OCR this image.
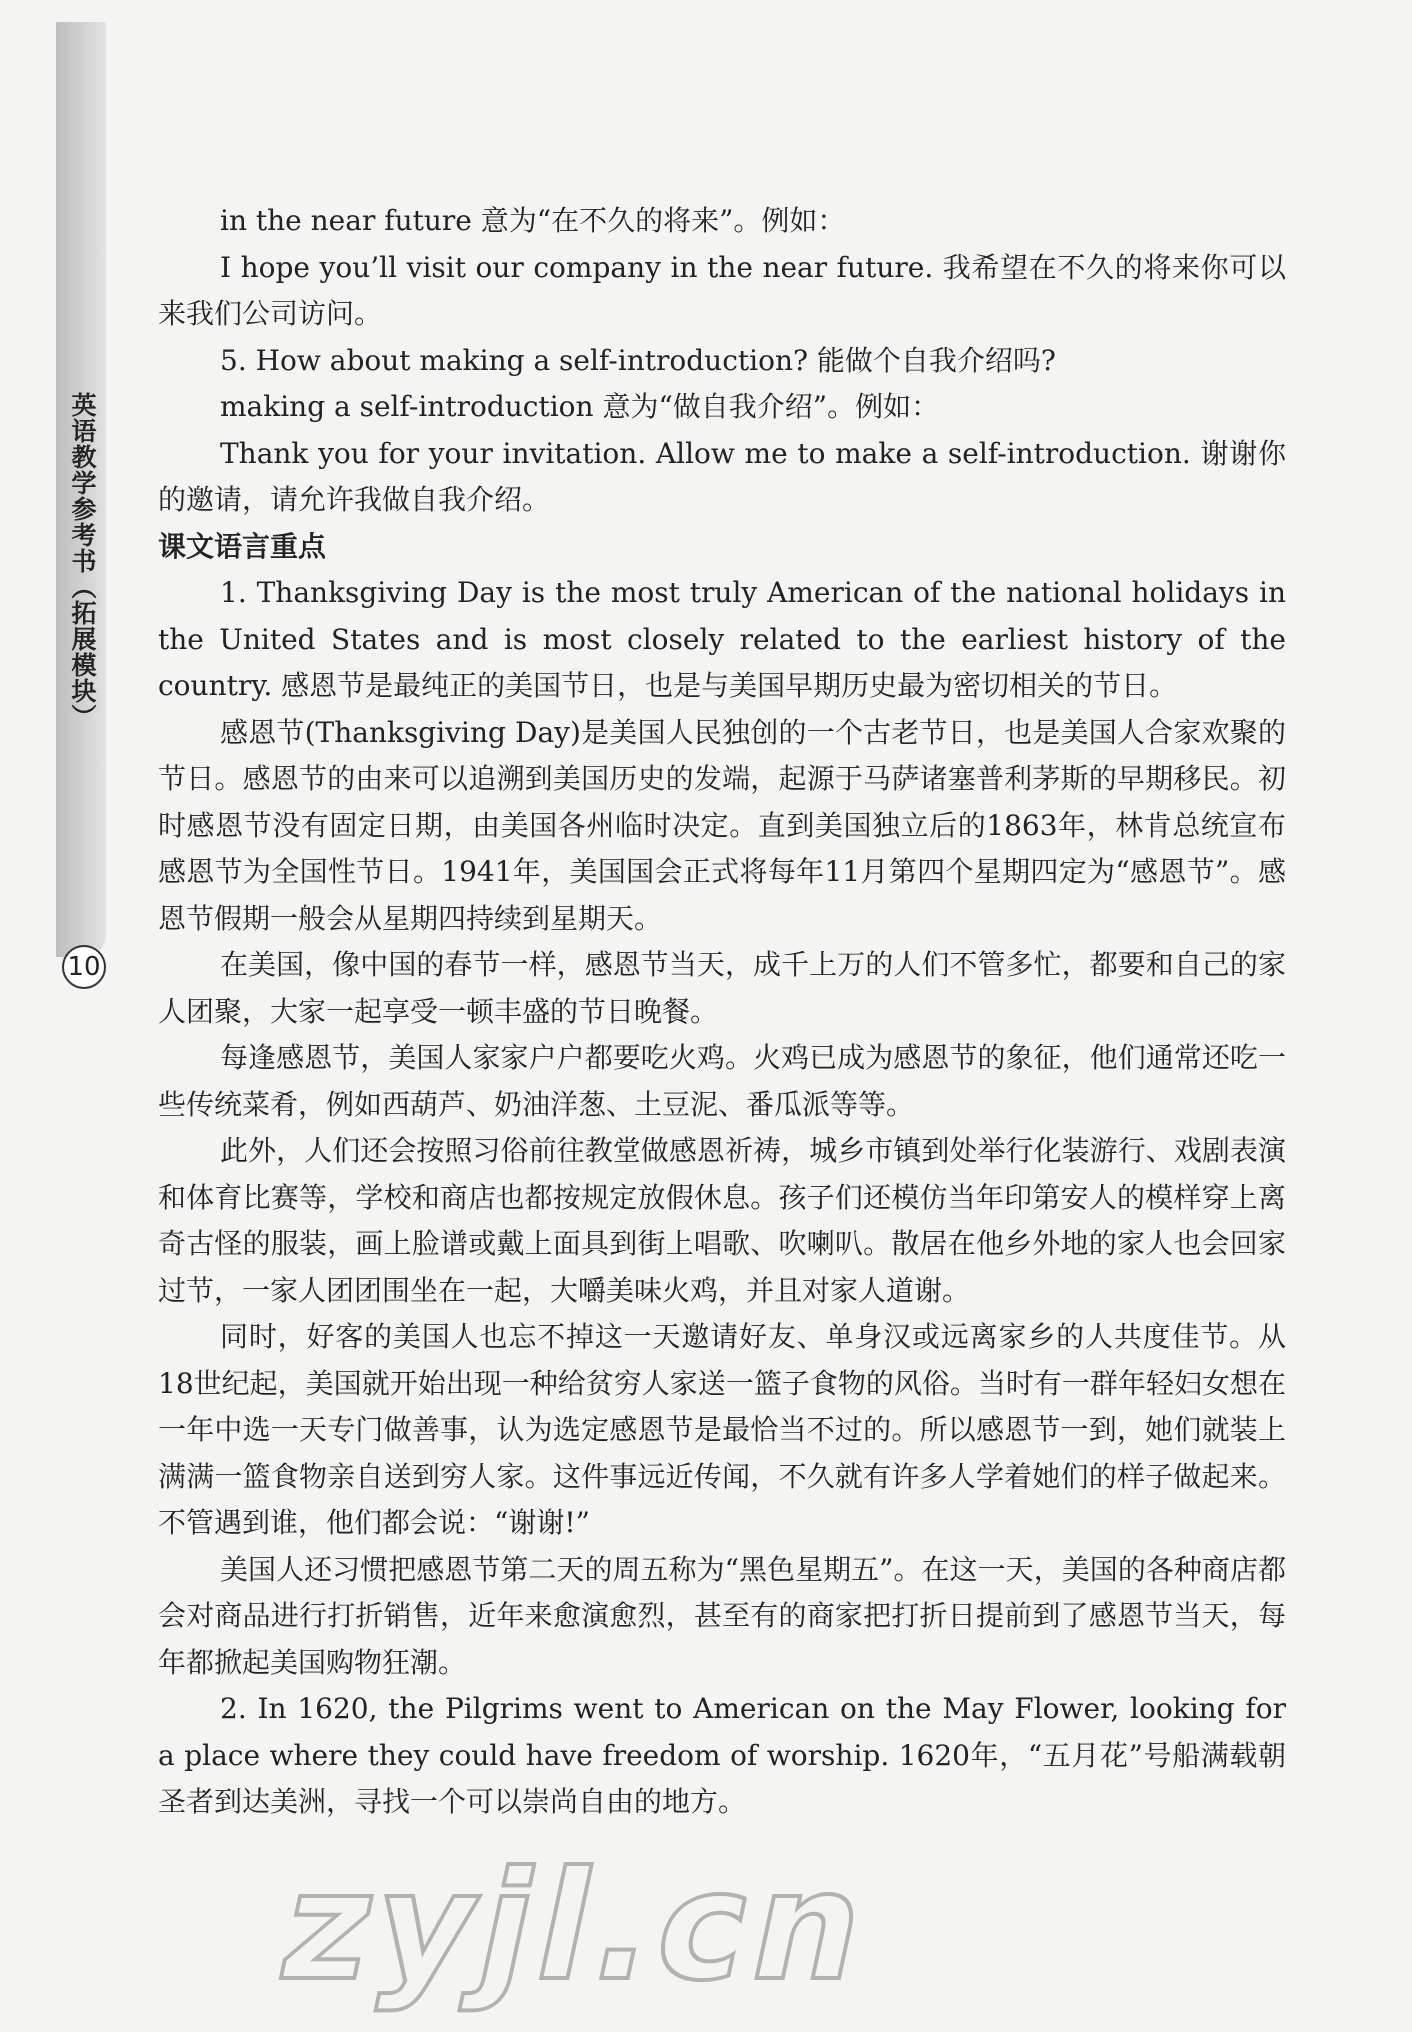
英语教学参考书（拓展模块）
10

in the near future 意为“在不久的将来”。例如：

I hope you’ll visit our company in the near future. 我希望在不久的将来你可以来我们公司访问。

5. How about making a self-introduction? 能做个自我介绍吗?

making a self-introduction 意为“做自我介绍”。例如：

Thank you for your invitation. Allow me to make a self-introduction. 谢谢你的邀请，请允许我做自我介绍。

课文语言重点

1. Thanksgiving Day is the most truly American of the national holidays in the United States and is most closely related to the earliest history of the country. 感恩节是最纯正的美国节日，也是与美国早期历史最为密切相关的节日。

感恩节(Thanksgiving Day)是美国人民独创的一个古老节日，也是美国人合家欢聚的节日。感恩节的由来可以追溯到美国历史的发端，起源于马萨诸塞普利茅斯的早期移民。初时感恩节没有固定日期，由美国各州临时决定。直到美国独立后的1863年，林肯总统宣布感恩节为全国性节日。1941年，美国国会正式将每年11月第四个星期四定为“感恩节”。感恩节假期一般会从星期四持续到星期天。

在美国，像中国的春节一样，感恩节当天，成千上万的人们不管多忙，都要和自己的家人团聚，大家一起享受一顿丰盛的节日晚餐。

每逢感恩节，美国人家家户户都要吃火鸡。火鸡已成为感恩节的象征，他们通常还吃一些传统菜肴，例如西葫芦、奶油洋葱、土豆泥、番瓜派等等。

此外，人们还会按照习俗前往教堂做感恩祈祷，城乡市镇到处举行化装游行、戏剧表演和体育比赛等，学校和商店也都按规定放假休息。孩子们还模仿当年印第安人的模样穿上离奇古怪的服装，画上脸谱或戴上面具到街上唱歌、吹喇叭。散居在他乡外地的家人也会回家过节，一家人团团围坐在一起，大嚼美味火鸡，并且对家人道谢。

同时，好客的美国人也忘不掉这一天邀请好友、单身汉或远离家乡的人共度佳节。从18世纪起，美国就开始出现一种给贫穷人家送一篮子食物的风俗。当时有一群年轻妇女想在一年中选一天专门做善事，认为选定感恩节是最恰当不过的。所以感恩节一到，她们就装上满满一篮食物亲自送到穷人家。这件事远近传闻，不久就有许多人学着她们的样子做起来。不管遇到谁，他们都会说：“谢谢!”

美国人还习惯把感恩节第二天的周五称为“黑色星期五”。在这一天，美国的各种商店都会对商品进行打折销售，近年来愈演愈烈，甚至有的商家把打折日提前到了感恩节当天，每年都掀起美国购物狂潮。

2. In 1620, the Pilgrims went to American on the May Flower, looking for a place where they could have freedom of worship. 1620年，“五月花”号船满载朝圣者到达美洲，寻找一个可以崇尚自由的地方。

zyjl.cn
